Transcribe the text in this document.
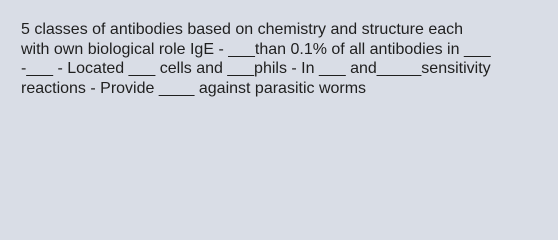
5 classes of antibodies based on chemistry and structure each
with own biological role IgE - ___than 0.1% of all antibodies in ___
-___ - Located ___ cells and ___phils - In ___ and_____sensitivity
reactions - Provide ____ against parasitic worms
